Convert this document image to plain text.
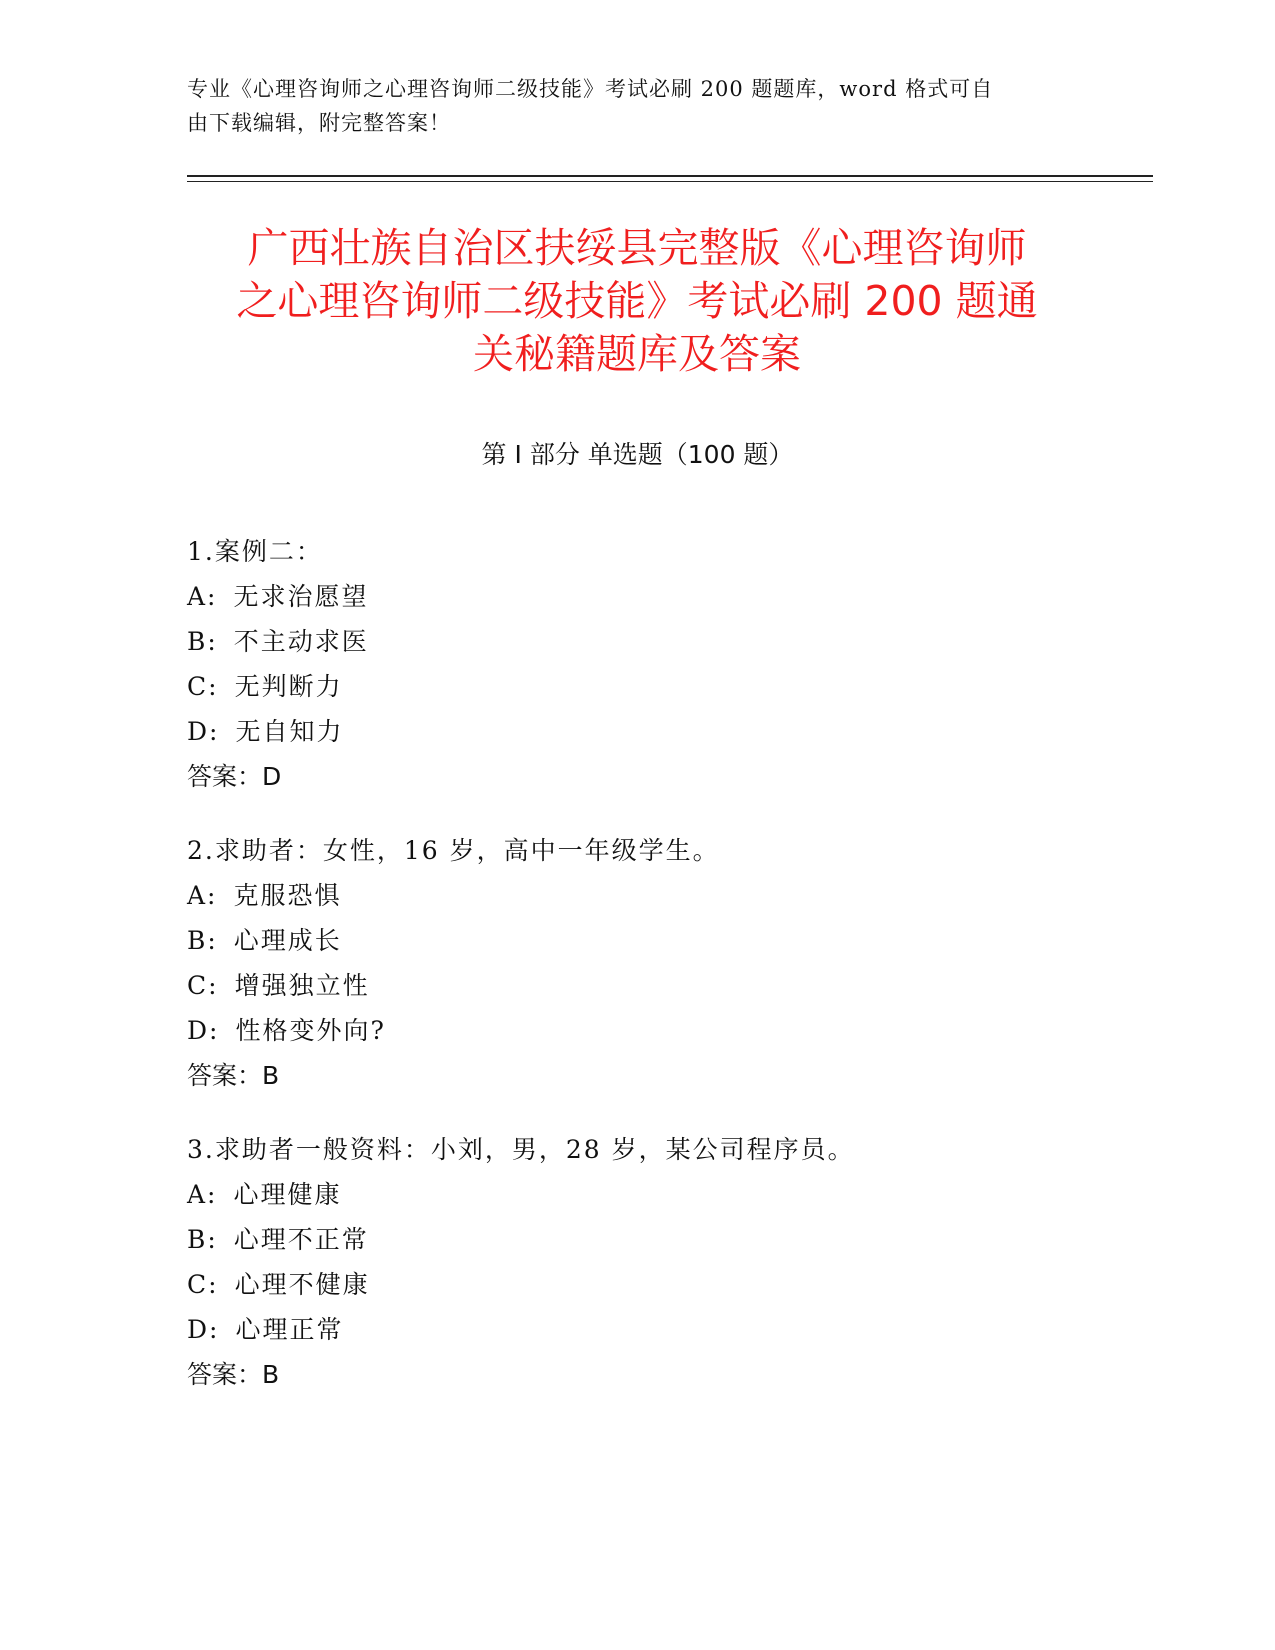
专业《心理咨询师之心理咨询师二级技能》考试必刷 200 题题库，word 格式可自
由下载编辑，附完整答案！
广西壮族自治区扶绥县完整版《心理咨询师
之心理咨询师二级技能》考试必刷 200 题通
关秘籍题库及答案
第 I 部分 单选题（100 题）
1.案例二：
A: 无求治愿望
B: 不主动求医
C: 无判断力
D: 无自知力
答案：D
2.求助者：女性，16 岁，高中一年级学生。
A: 克服恐惧
B: 心理成长
C: 增强独立性
D: 性格变外向?
答案：B
3.求助者一般资料：小刘，男，28 岁，某公司程序员。
A: 心理健康
B: 心理不正常
C: 心理不健康
D: 心理正常
答案：B
